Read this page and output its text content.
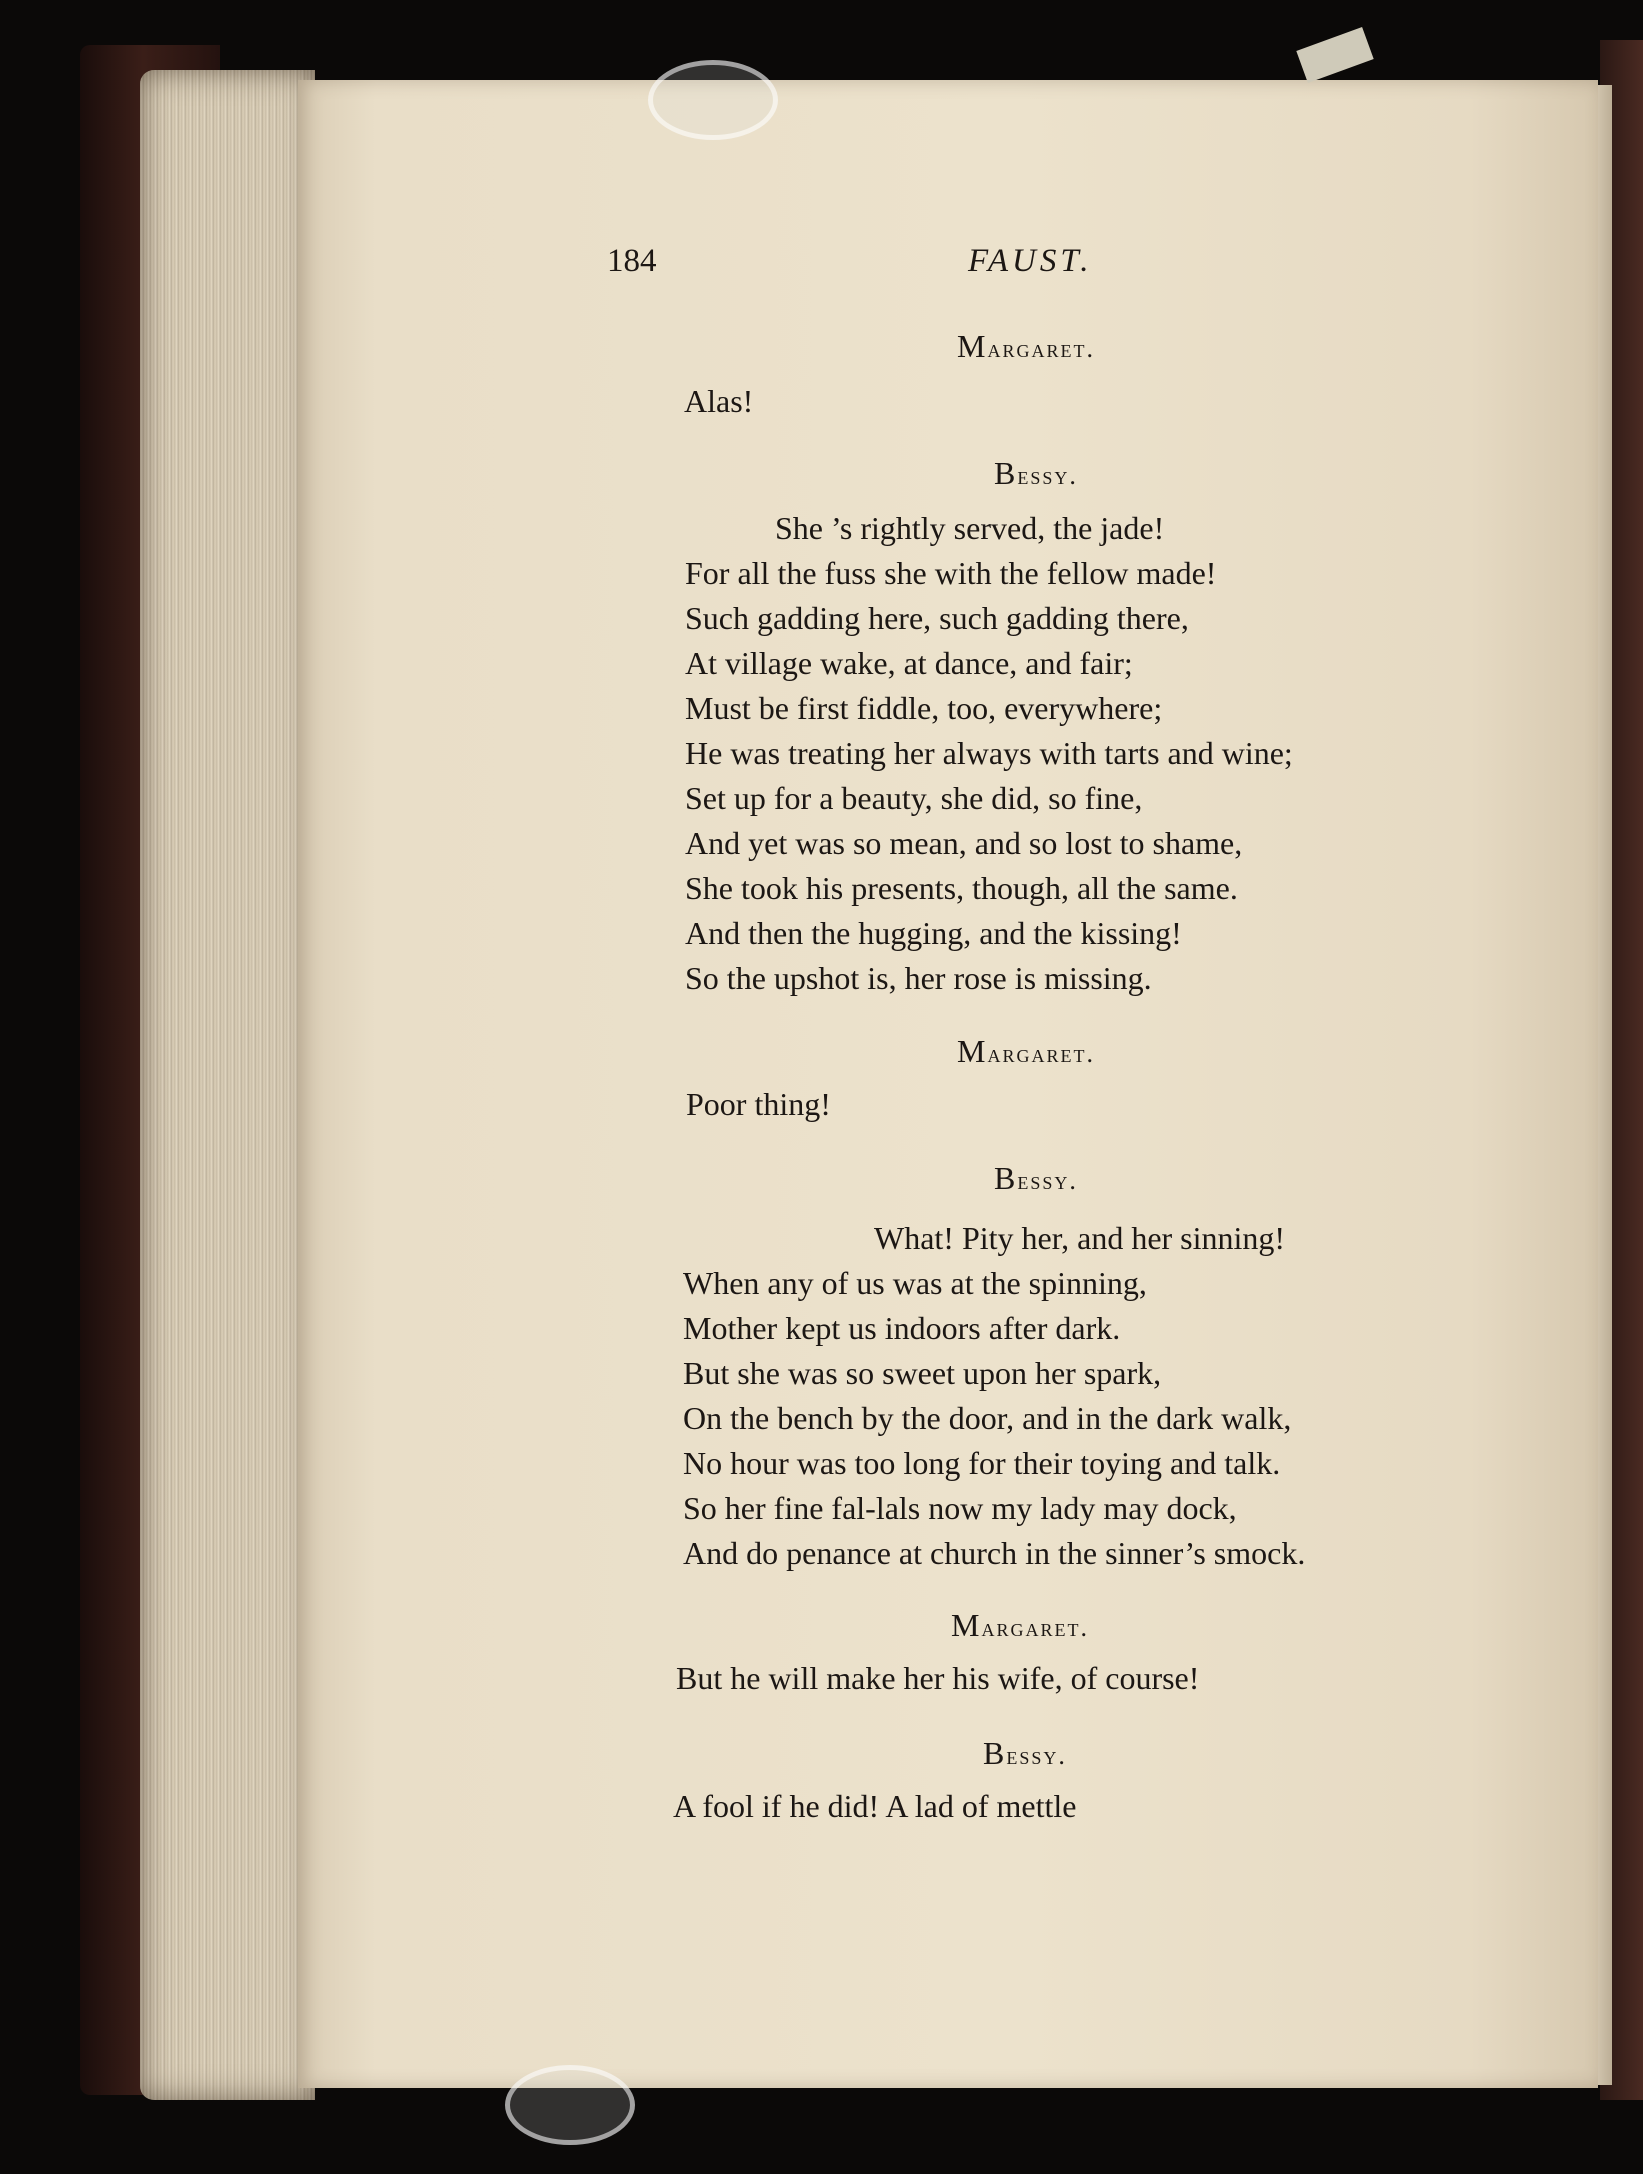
184	FAUST.
Margaret.
Alas!
Bessy.
She ’s rightly served, the jade!
For all the fuss she with the fellow made!
Such gadding here, such gadding there,
At village wake, at dance, and fair;
Must be first fiddle, too, everywhere;
He was treating her always with tarts and wine;
Set up for a beauty, she did, so fine,
And yet was so mean, and so lost to shame,
She took his presents, though, all the same.
And then the hugging, and the kissing!
So the upshot is, her rose is missing.
Margaret.
Poor thing!
Bessy.
What! Pity her, and her sinning!
When any of us was at the spinning,
Mother kept us indoors after dark.
But she was so sweet upon her spark,
On the bench by the door, and in the dark walk,
No hour was too long for their toying and talk.
So her fine fal-lals now my lady may dock,
And do penance at church in the sinner’s smock.
Margaret.
But he will make her his wife, of course!
Bessy.
A fool if he did! A lad of mettle
